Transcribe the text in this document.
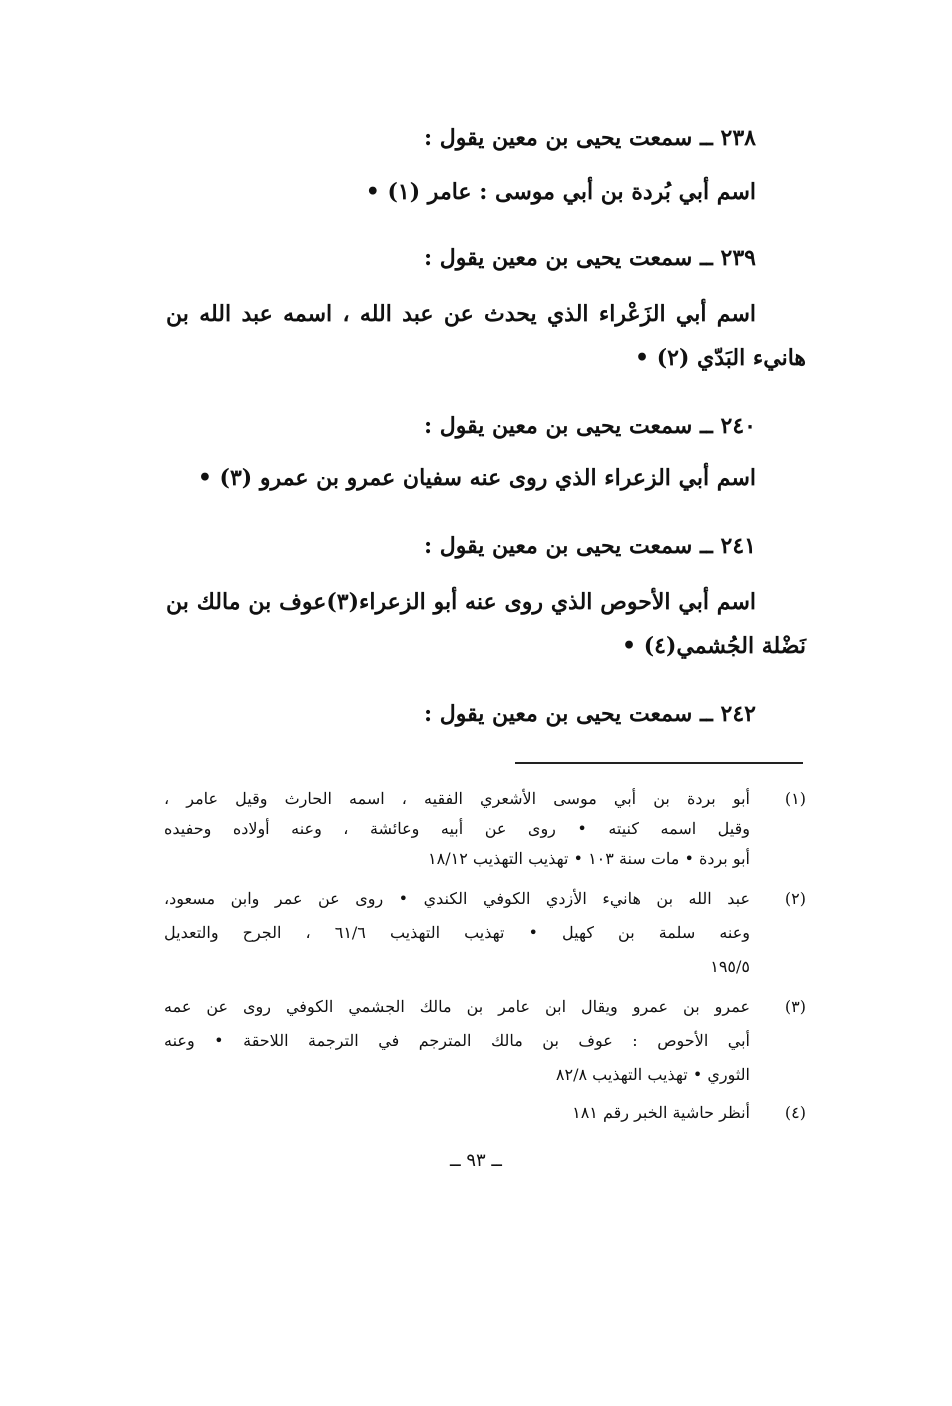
٢٣٨ ــ سمعت يحيى بن معين يقول :
اسم أبي بُردة بن أبي موسى : عامر (١) •
٢٣٩ ــ سمعت يحيى بن معين يقول :
اسم أبي الزَعْراء الذي يحدث عن عبد الله ، اسمه عبد الله بن
هانيء البَدّي (٢) •
٢٤٠ ــ سمعت يحيى بن معين يقول :
اسم أبي الزعراء الذي روى عنه سفيان عمرو بن عمرو (٣) •
٢٤١ ــ سمعت يحيى بن معين يقول :
اسم أبي الأحوص الذي روى عنه أبو الزعراء(٣)عوف بن مالك بن
نَضْلة الجُشمي(٤) •
٢٤٢ ــ سمعت يحيى بن معين يقول :
(١)
أبو بردة بن أبي موسى الأشعري الفقيه ، اسمه الحارث وقيل عامر ،
وقيل اسمه كنيته • روى عن أبيه وعائشة ، وعنه أولاده وحفيده
أبو بردة • مات سنة ١٠٣ • تهذيب التهذيب ١٨/١٢
(٢)
عبد الله بن هانيء الأزدي الكوفي الكندي • روى عن عمر وابن مسعود،
وعنه سلمة بن كهيل • تهذيب التهذيب ٦١/٦ ، الجرح والتعديل
١٩٥/٥
(٣)
عمرو بن عمرو ويقال ابن عامر بن مالك الجشمي الكوفي روى عن عمه
أبي الأحوص : عوف بن مالك المترجم في الترجمة اللاحقة • وعنه
الثوري • تهذيب التهذيب ٨٢/٨
(٤)
أنظر حاشية الخبر رقم ١٨١
ــ ٩٣ ــ
